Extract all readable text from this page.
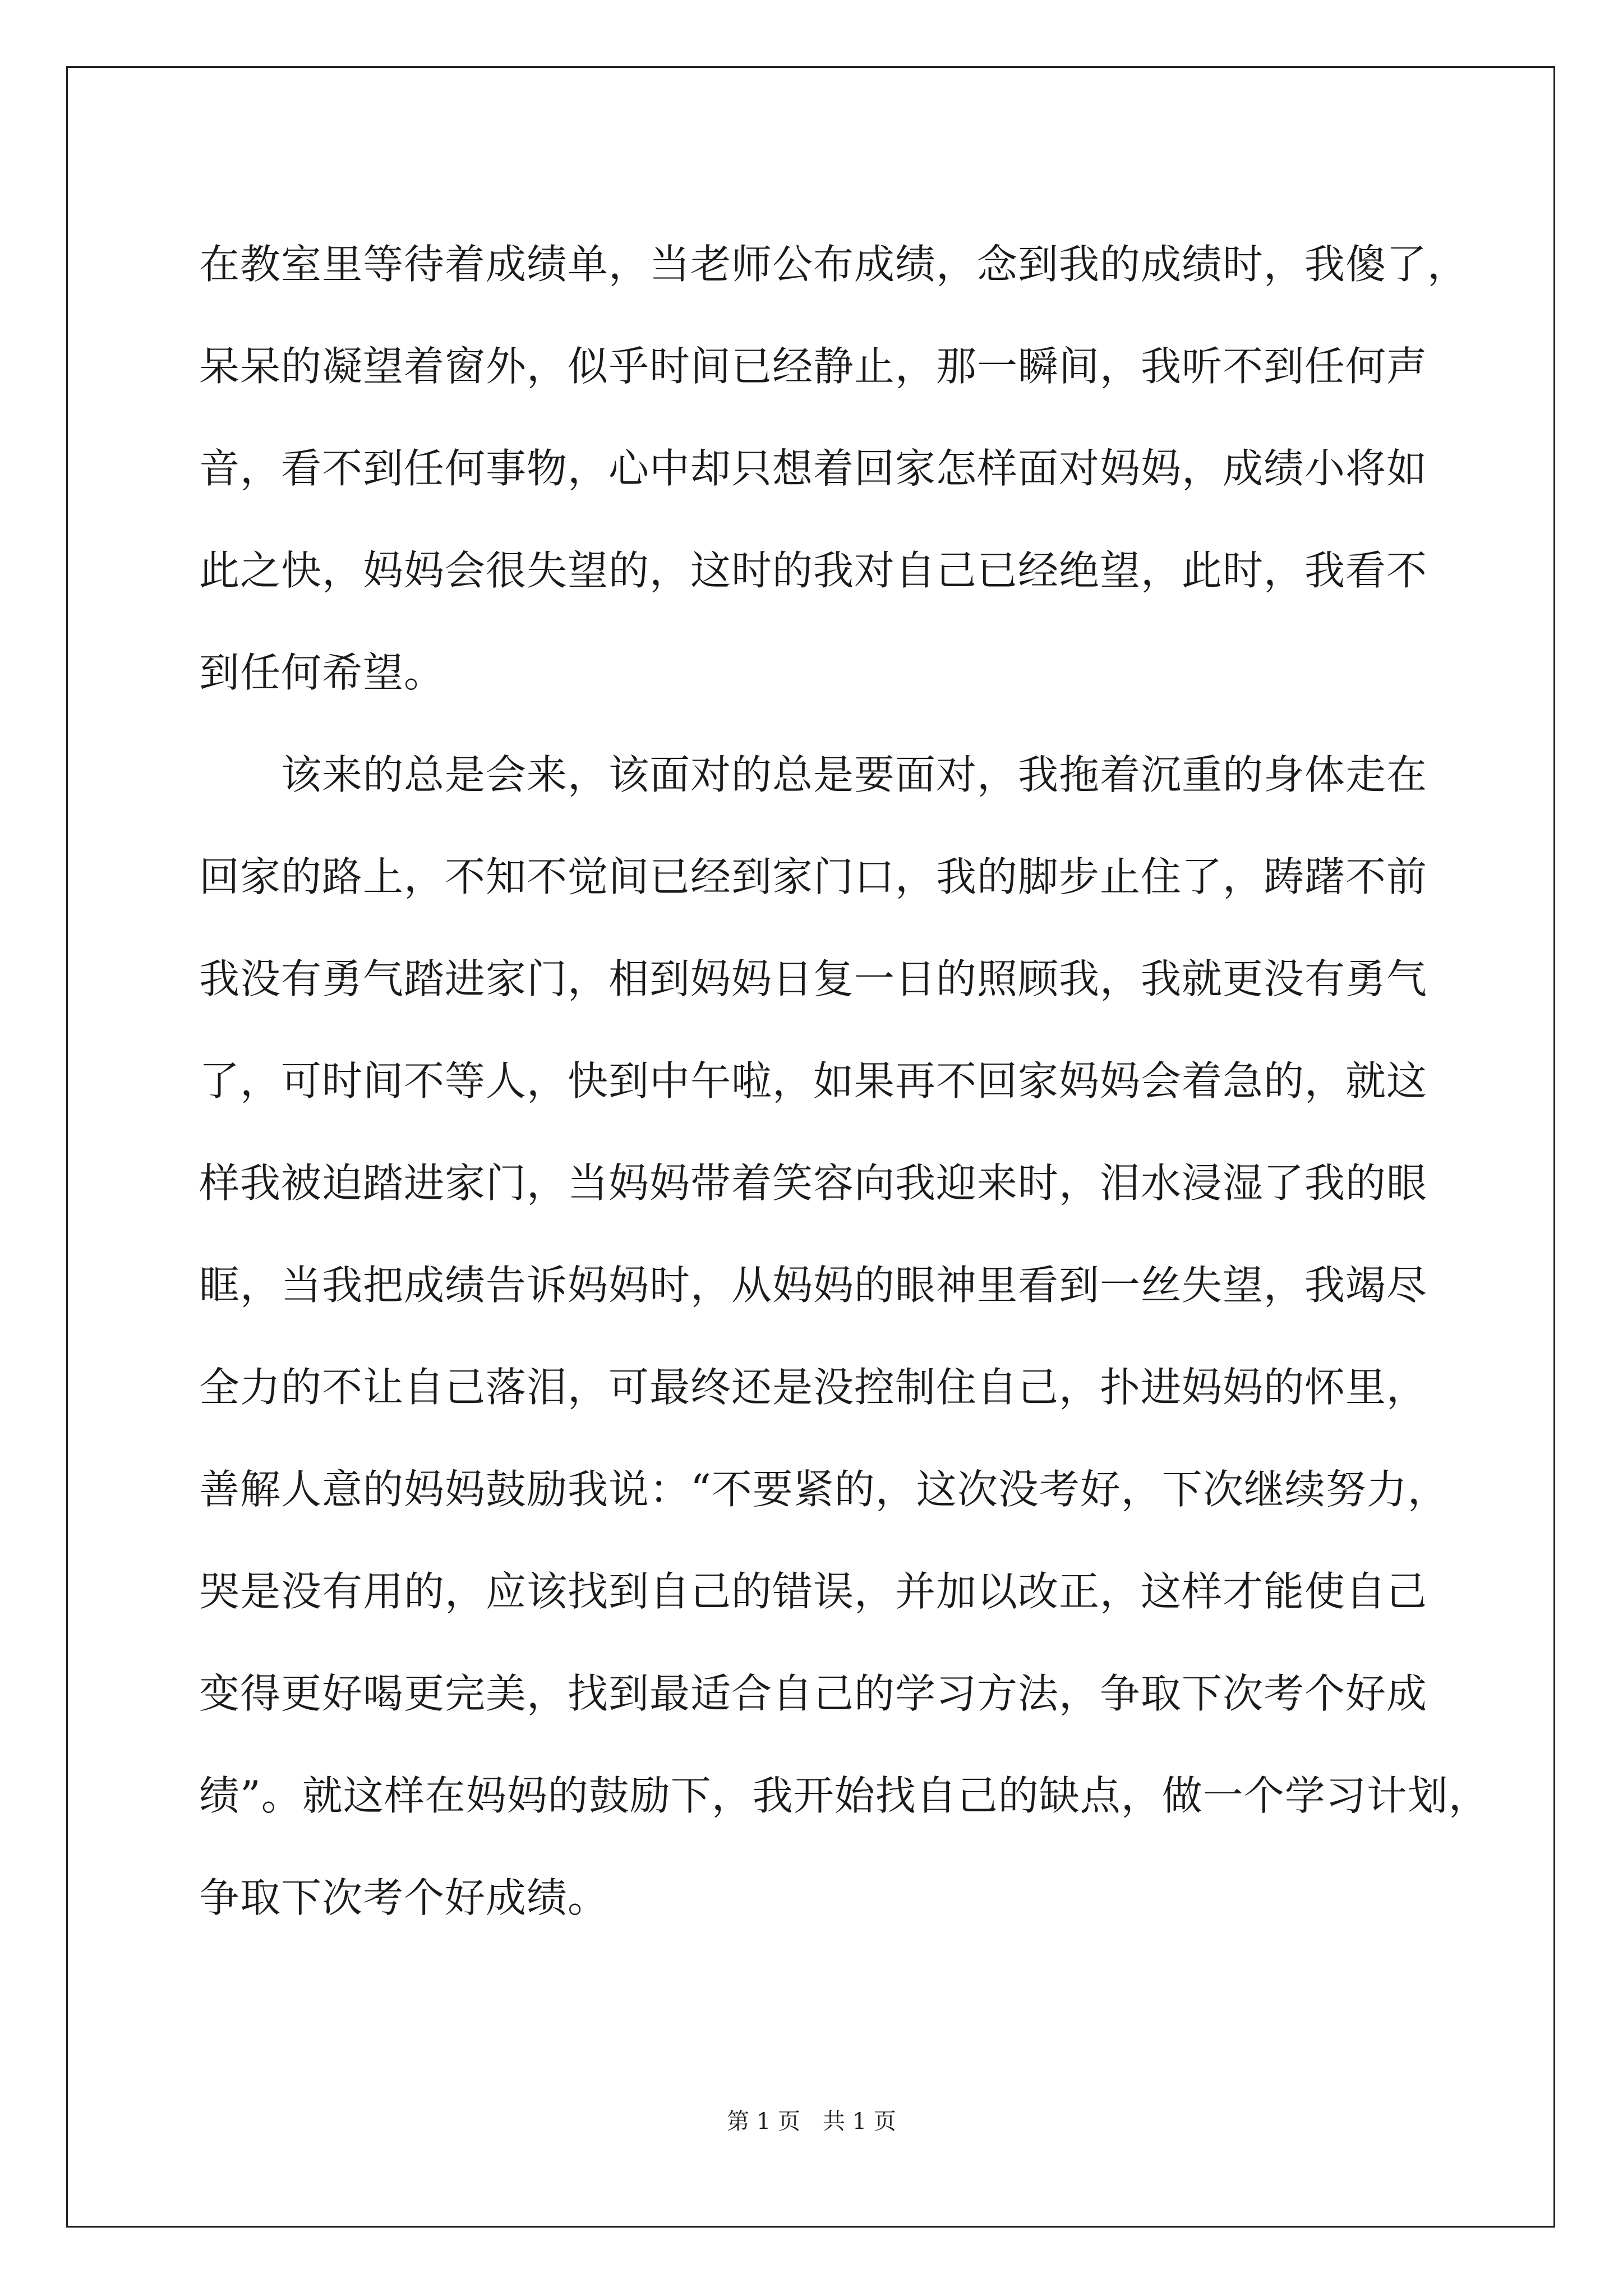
在教室里等待着成绩单，当老师公布成绩，念到我的成绩时，我傻了，
呆呆的凝望着窗外，似乎时间已经静止，那一瞬间，我听不到任何声
音，看不到任何事物，心中却只想着回家怎样面对妈妈，成绩小将如
此之快，妈妈会很失望的，这时的我对自己已经绝望，此时，我看不
到任何希望。
　　该来的总是会来，该面对的总是要面对，我拖着沉重的身体走在
回家的路上，不知不觉间已经到家门口，我的脚步止住了，踌躇不前
我没有勇气踏进家门，相到妈妈日复一日的照顾我，我就更没有勇气
了，可时间不等人，快到中午啦，如果再不回家妈妈会着急的，就这
样我被迫踏进家门，当妈妈带着笑容向我迎来时，泪水浸湿了我的眼
眶，当我把成绩告诉妈妈时，从妈妈的眼神里看到一丝失望，我竭尽
全力的不让自己落泪，可最终还是没控制住自己，扑进妈妈的怀里，
善解人意的妈妈鼓励我说：“不要紧的，这次没考好，下次继续努力，
哭是没有用的，应该找到自己的错误，并加以改正，这样才能使自己
变得更好喝更完美，找到最适合自己的学习方法，争取下次考个好成
绩”。就这样在妈妈的鼓励下，我开始找自己的缺点，做一个学习计划，
争取下次考个好成绩。
第 1 页　共 1 页
